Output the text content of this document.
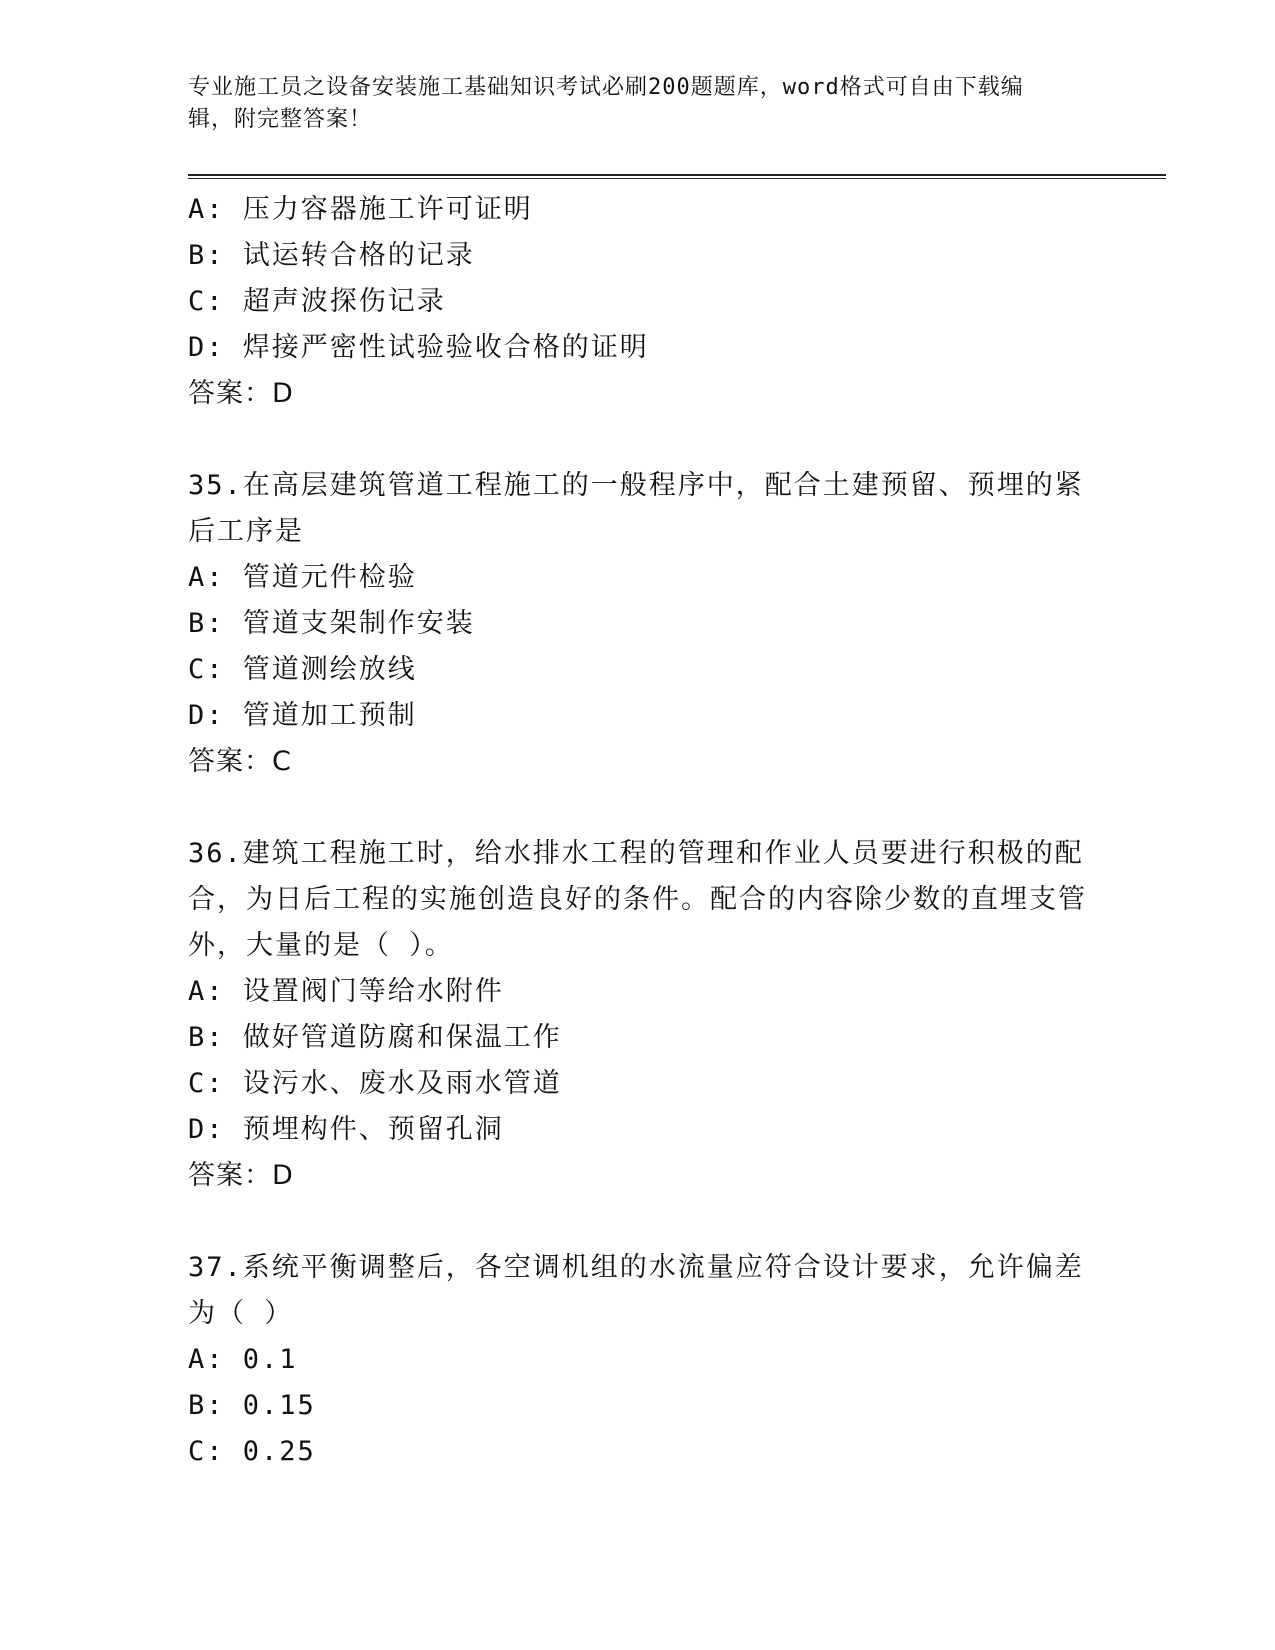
专业施工员之设备安装施工基础知识考试必刷200题题库，word格式可自由下载编辑，附完整答案！

A: 压力容器施工许可证明
B: 试运转合格的记录
C: 超声波探伤记录
D: 焊接严密性试验验收合格的证明
答案：D
35.在高层建筑管道工程施工的一般程序中，配合土建预留、预埋的紧后工序是
A: 管道元件检验
B: 管道支架制作安装
C: 管道测绘放线
D: 管道加工预制
答案：C
36.建筑工程施工时，给水排水工程的管理和作业人员要进行积极的配合，为日后工程的实施创造良好的条件。配合的内容除少数的直埋支管外，大量的是（ ）。
A: 设置阀门等给水附件
B: 做好管道防腐和保温工作
C: 设污水、废水及雨水管道
D: 预埋构件、预留孔洞
答案：D
37.系统平衡调整后，各空调机组的水流量应符合设计要求，允许偏差为（ ）
A: 0.1
B: 0.15
C: 0.25
